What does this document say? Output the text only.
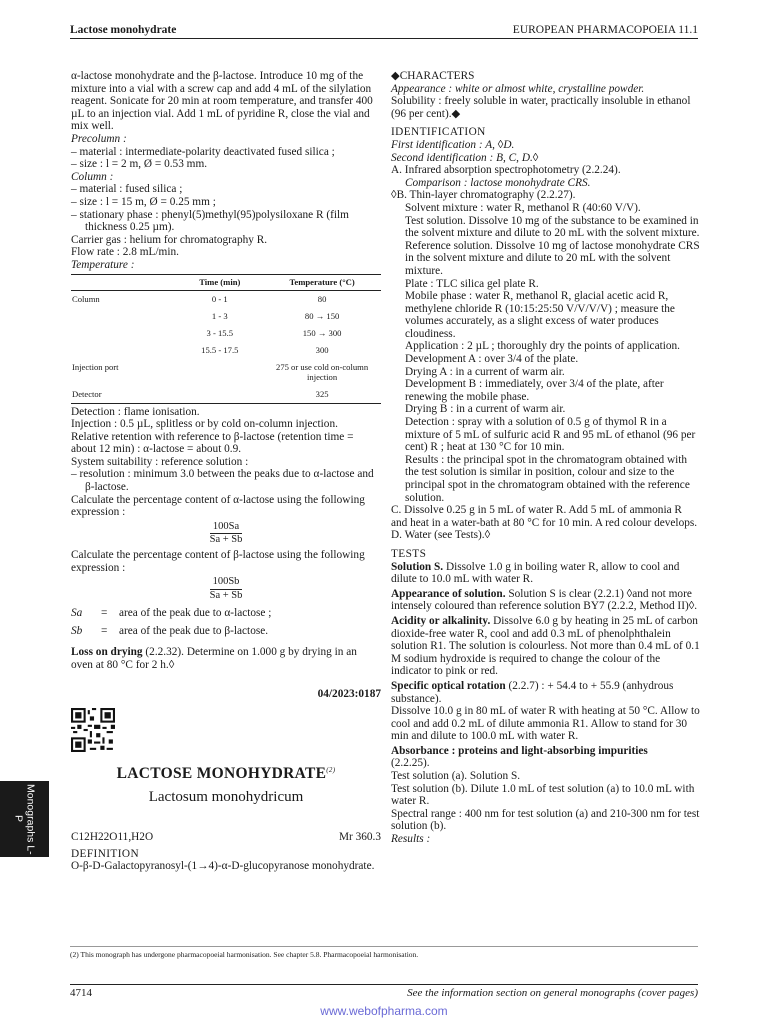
Lactose monohydrate	EUROPEAN PHARMACOPOEIA 11.1

α-lactose monohydrate and the β-lactose. Introduce 10 mg of the mixture into a vial with a screw cap and add 4 mL of the silylation reagent. Sonicate for 20 min at room temperature, and transfer 400 µL to an injection vial. Add 1 mL of pyridine R, close the vial and mix well.

Precolumn :

– material : intermediate-polarity deactivated fused silica ;

– size : l = 2 m, Ø = 0.53 mm.

Column :

– material : fused silica ;

– size : l = 15 m, Ø = 0.25 mm ;

– stationary phase : phenyl(5)methyl(95)polysiloxane R (film thickness 0.25 µm).

Carrier gas : helium for chromatography R.

Flow rate : 2.8 mL/min.

Temperature :

	Time (min)	Temperature (°C)
Column	0 - 1	80
	1 - 3	80 → 150
	3 - 15.5	150 → 300
	15.5 - 17.5	300
Injection port		275 or use cold on-column injection
Detector		325

Detection : flame ionisation.

Injection : 0.5 µL, splitless or by cold on-column injection.

Relative retention with reference to β-lactose (retention time = about 12 min) : α-lactose = about 0.9.

System suitability : reference solution :

– resolution : minimum 3.0 between the peaks due to α-lactose and β-lactose.

Calculate the percentage content of α-lactose using the following expression :

100Sa
Sa + Sb

Calculate the percentage content of β-lactose using the following expression :

100Sb
Sa + Sb
Sa	=	area of the peak due to α-lactose ;
Sb	=	area of the peak due to β-lactose.

Loss on drying (2.2.32). Determine on 1.000 g by drying in an oven at 80 °C for 2 h.◊

04/2023:0187

LACTOSE MONOHYDRATE$^{(2)}$
Lactosum monohydricum
C12H22O11,H2O	Mr 360.3

DEFINITION

O-β-D-Galactopyranosyl-(1→4)-α-D-glucopyranose monohydrate.

◆CHARACTERS

Appearance : white or almost white, crystalline powder.

Solubility : freely soluble in water, practically insoluble in ethanol (96 per cent).◆

IDENTIFICATION

First identification : A, ◊D.

Second identification : B, C, D.◊

A. Infrared absorption spectrophotometry (2.2.24).

Comparison : lactose monohydrate CRS.

◊B. Thin-layer chromatography (2.2.27).

Solvent mixture : water R, methanol R (40:60 V/V).

Test solution. Dissolve 10 mg of the substance to be examined in the solvent mixture and dilute to 20 mL with the solvent mixture.

Reference solution. Dissolve 10 mg of lactose monohydrate CRS in the solvent mixture and dilute to 20 mL with the solvent mixture.

Plate : TLC silica gel plate R.

Mobile phase : water R, methanol R, glacial acetic acid R, methylene chloride R (10:15:25:50 V/V/V/V) ; measure the volumes accurately, as a slight excess of water produces cloudiness.

Application : 2 µL ; thoroughly dry the points of application.

Development A : over 3/4 of the plate.

Drying A : in a current of warm air.

Development B : immediately, over 3/4 of the plate, after renewing the mobile phase.

Drying B : in a current of warm air.

Detection : spray with a solution of 0.5 g of thymol R in a mixture of 5 mL of sulfuric acid R and 95 mL of ethanol (96 per cent) R ; heat at 130 °C for 10 min.

Results : the principal spot in the chromatogram obtained with the test solution is similar in position, colour and size to the principal spot in the chromatogram obtained with the reference solution.

C. Dissolve 0.25 g in 5 mL of water R. Add 5 mL of ammonia R and heat in a water-bath at 80 °C for 10 min. A red colour develops.

D. Water (see Tests).◊

TESTS

Solution S. Dissolve 1.0 g in boiling water R, allow to cool and dilute to 10.0 mL with water R.

Appearance of solution. Solution S is clear (2.2.1) ◊and not more intensely coloured than reference solution BY7 (2.2.2, Method II)◊.

Acidity or alkalinity. Dissolve 6.0 g by heating in 25 mL of carbon dioxide-free water R, cool and add 0.3 mL of phenolphthalein solution R1. The solution is colourless. Not more than 0.4 mL of 0.1 M sodium hydroxide is required to change the colour of the indicator to pink or red.

Specific optical rotation (2.2.7) : + 54.4 to + 55.9 (anhydrous substance).

Dissolve 10.0 g in 80 mL of water R with heating at 50 °C. Allow to cool and add 0.2 mL of dilute ammonia R1. Allow to stand for 30 min and dilute to 100.0 mL with water R.

Absorbance : proteins and light-absorbing impurities

(2.2.25).

Test solution (a). Solution S.

Test solution (b). Dilute 1.0 mL of test solution (a) to 10.0 mL with water R.

Spectral range : 400 nm for test solution (a) and 210-300 nm for test solution (b).

Results :

Monographs L-P
(2) This monograph has undergone pharmacopoeial harmonisation. See chapter 5.8. Pharmacopoeial harmonisation.
4714	See the information section on general monographs (cover pages)
www.webofpharma.com
